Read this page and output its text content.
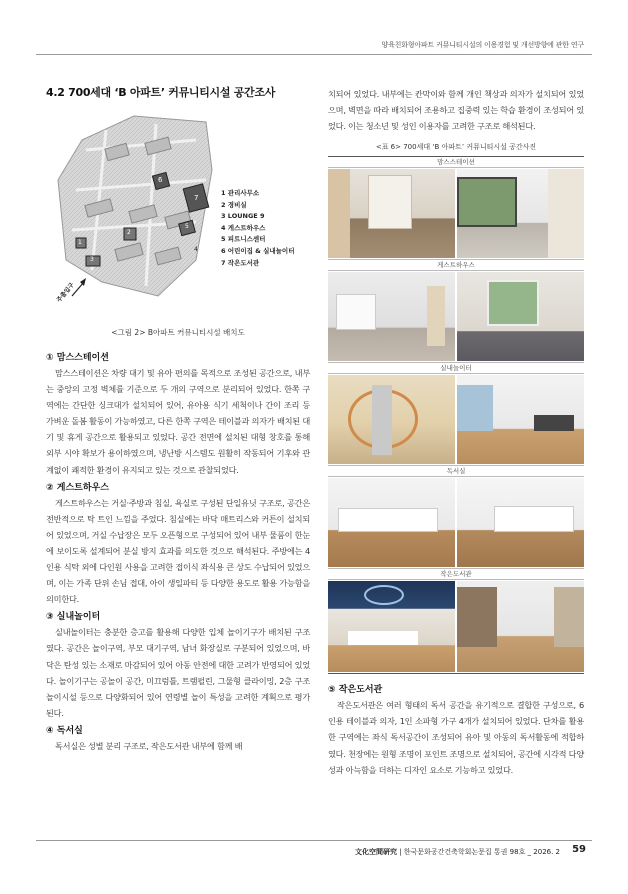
양육친화형아파트 커뮤니티시설의 이용경험 및 개선방향에 관한 연구
4.2 700세대 ‘B 아파트’ 커뮤니티시설 공간조사
6
7
5
1
3
2
4
주출입구
1 관리사무소
2 경비실
3 LOUNGE 9
4 게스트하우스
5 피트니스센터
6 어린이집 & 실내놀이터
7 작은도서관
<그림 2> B아파트 커뮤니티시설 배치도
① 맘스스테이션

맘스스테이션은 차량 대기 및 유아 편의를 목적으로 조성된 공간으로, 내부는 중앙의 고정 벽체를 기준으로 두 개의 구역으로 분리되어 있었다. 한쪽 구역에는 간단한 싱크대가 설치되어 있어, 유아용 식기 세척이나 간이 조리 등 가벼운 돌봄 활동이 가능하였고, 다른 한쪽 구역은 테이블과 의자가 배치된 대기 및 휴게 공간으로 활용되고 있었다. 공간 전면에 설치된 대형 창호를 통해 외부 시야 확보가 용이하였으며, 냉난방 시스템도 원활히 작동되어 기후와 관계없이 쾌적한 환경이 유지되고 있는 것으로 관찰되었다.

② 게스트하우스

게스트하우스는 거실·주방과 침실, 욕실로 구성된 단일유닛 구조로, 공간은 전반적으로 탁 트인 느낌을 주었다. 침실에는 바닥 매트리스와 커튼이 설치되어 있었으며, 거실 수납장은 모두 오픈형으로 구성되어 있어 내부 물품이 한눈에 보이도록 설계되어 분실 방지 효과를 의도한 것으로 해석된다. 주방에는 4인용 식탁 외에 다인원 사용을 고려한 접이식 좌식용 큰 상도 수납되어 있었으며, 이는 가족 단위 손님 접대, 아이 생일파티 등 다양한 용도로 활용 가능함을 의미한다.

③ 실내놀이터

실내놀이터는 충분한 층고를 활용해 다양한 입체 놀이기구가 배치된 구조였다. 공간은 놀이구역, 부모 대기구역, 남녀 화장실로 구분되어 있었으며, 바닥은 탄성 있는 소재로 마감되어 있어 아동 안전에 대한 고려가 반영되어 있었다. 놀이기구는 공놀이 공간, 미끄럼틀, 트램펄린, 그물형 클라이밍, 2층 구조 놀이시설 등으로 다양화되어 있어 연령별 놀이 특성을 고려한 계획으로 평가된다.

④ 독서실

독서실은 성별 분리 구조로, 작은도서관 내부에 함께 배

치되어 있었다. 내부에는 칸막이와 함께 개인 책상과 의자가 설치되어 있었으며, 벽면을 따라 배치되어 조용하고 집중력 있는 학습 환경이 조성되어 있었다. 이는 청소년 및 성인 이용자를 고려한 구조로 해석된다.

<표 6> 700세대 ‘B 아파트’ 커뮤니티시설 공간사진
맘스스테이션
게스트하우스
실내놀이터
독서실
작은도서관
⑤ 작은도서관

작은도서관은 여러 형태의 독서 공간을 유기적으로 결합한 구성으로, 6인용 테이블과 의자, 1인 소파형 가구 4개가 설치되어 있었다. 단차를 활용한 구역에는 좌식 독서공간이 조성되어 유아 및 아동의 독서활동에 적합하였다. 천장에는 원형 조명이 포인트 조명으로 설치되어, 공간에 시각적 다양성과 아늑함을 더하는 디자인 요소로 기능하고 있었다.

文化空間硏究 | 한국문화공간건축학회논문집 통권 98호 _ 2026. 2 59
